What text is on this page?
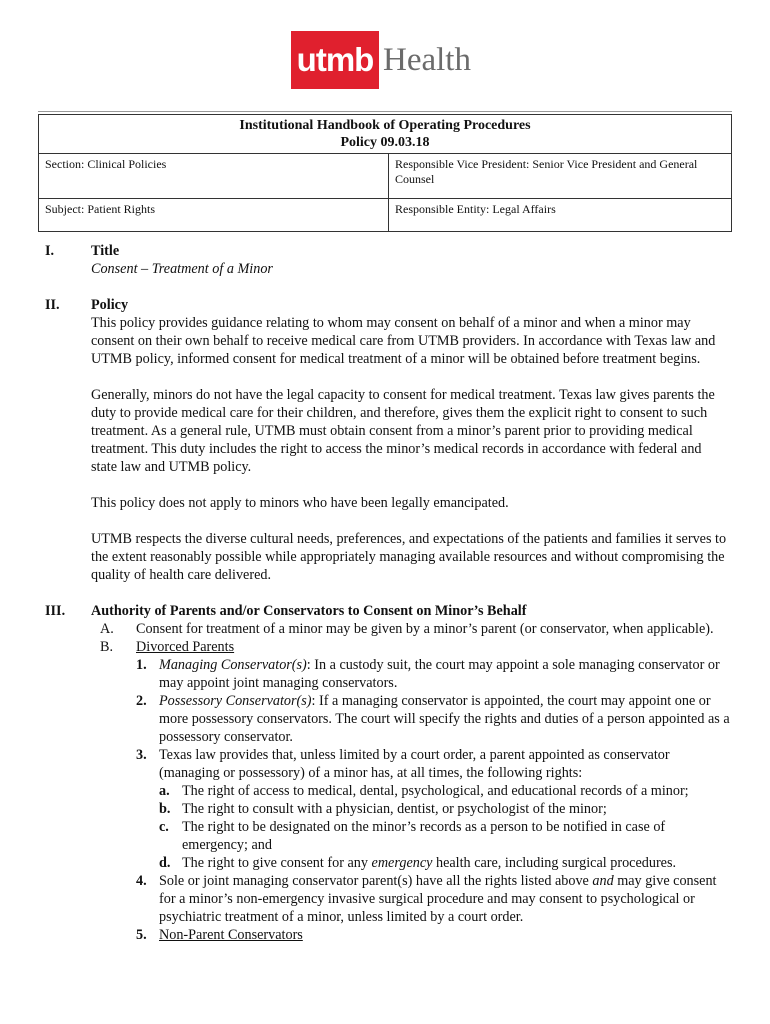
utmb Health
Institutional Handbook of Operating Procedures
Policy 09.03.18	

Section: Clinical Policies	Responsible Vice President: Senior Vice President and General Counsel
Subject: Patient Rights	Responsible Entity: Legal Affairs
I.	Title
Consent – Treatment of a Minor
II. Policy

This policy provides guidance relating to whom may consent on behalf of a minor and when a minor may consent on their own behalf to receive medical care from UTMB providers. In accordance with Texas law and UTMB policy, informed consent for medical treatment of a minor will be obtained before treatment begins.

Generally, minors do not have the legal capacity to consent for medical treatment. Texas law gives parents the duty to provide medical care for their children, and therefore, gives them the explicit right to consent to such treatment. As a general rule, UTMB must obtain consent from a minor’s parent prior to providing medical treatment. This duty includes the right to access the minor’s medical records in accordance with federal and state law and UTMB policy.

This policy does not apply to minors who have been legally emancipated.

UTMB respects the diverse cultural needs, preferences, and expectations of the patients and families it serves to the extent reasonably possible while appropriately managing available resources and without compromising the quality of health care delivered.

III. Authority of Parents and/or Conservators to Consent on Minor’s Behalf
A. Consent for treatment of a minor may be given by a minor’s parent (or conservator, when applicable).
B. Divorced Parents
1. Managing Conservator(s): In a custody suit, the court may appoint a sole managing conservator or may appoint joint managing conservators.
2. Possessory Conservator(s): If a managing conservator is appointed, the court may appoint one or more possessory conservators. The court will specify the rights and duties of a person appointed as a possessory conservator.
3. Texas law provides that, unless limited by a court order, a parent appointed as conservator (managing or possessory) of a minor has, at all times, the following rights:
a. The right of access to medical, dental, psychological, and educational records of a minor;
b. The right to consult with a physician, dentist, or psychologist of the minor;
c. The right to be designated on the minor’s records as a person to be notified in case of emergency; and
d. The right to give consent for any emergency health care, including surgical procedures.
4. Sole or joint managing conservator parent(s) have all the rights listed above and may give consent for a minor’s non-emergency invasive surgical procedure and may consent to psychological or psychiatric treatment of a minor, unless limited by a court order.
5. Non-Parent Conservators
